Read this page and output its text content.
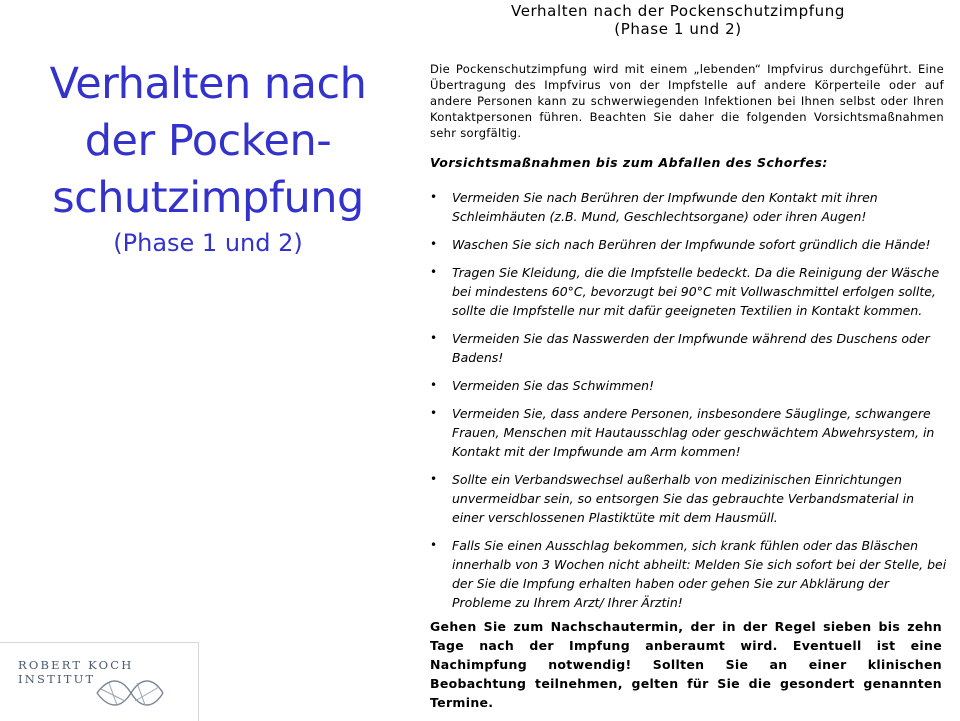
Verhalten nach der Pocken-schutzimpfung
(Phase 1 und 2)
Verhalten nach der Pockenschutzimpfung
(Phase 1 und 2)
Die Pockenschutzimpfung wird mit einem „lebenden“ Impfvirus durchgeführt. Eine Übertragung des Impfvirus von der Impfstelle auf andere Körperteile oder auf andere Personen kann zu schwerwiegenden Infektionen bei Ihnen selbst oder Ihren Kontaktpersonen führen. Beachten Sie daher die folgenden Vorsichtsmaßnahmen sehr sorgfältig.
Vorsichtsmaßnahmen bis zum Abfallen des Schorfes:
• Vermeiden Sie nach Berühren der Impfwunde den Kontakt mit ihren Schleimhäuten (z.B. Mund, Geschlechtsorgane) oder ihren Augen!
• Waschen Sie sich nach Berühren der Impfwunde sofort gründlich die Hände!
• Tragen Sie Kleidung, die die Impfstelle bedeckt. Da die Reinigung der Wäsche bei mindestens 60°C, bevorzugt bei 90°C mit Vollwaschmittel erfolgen sollte, sollte die Impfstelle nur mit dafür geeigneten Textilien in Kontakt kommen.
• Vermeiden Sie das Nasswerden der Impfwunde während des Duschens oder Badens!
• Vermeiden Sie das Schwimmen!
• Vermeiden Sie, dass andere Personen, insbesondere Säuglinge, schwangere Frauen, Menschen mit Hautausschlag oder geschwächtem Abwehrsystem, in Kontakt mit der Impfwunde am Arm kommen!
• Sollte ein Verbandswechsel außerhalb von medizinischen Einrichtungen unvermeidbar sein, so entsorgen Sie das gebrauchte Verbandsmaterial in einer verschlossenen Plastiktüte mit dem Hausmüll.
• Falls Sie einen Ausschlag bekommen, sich krank fühlen oder das Bläschen innerhalb von 3 Wochen nicht abheilt: Melden Sie sich sofort bei der Stelle, bei der Sie die Impfung erhalten haben oder gehen Sie zur Abklärung der Probleme zu Ihrem Arzt/ Ihrer Ärztin!
Gehen Sie zum Nachschautermin, der in der Regel sieben bis zehn Tage nach der Impfung anberaumt wird. Eventuell ist eine Nachimpfung notwendig! Sollten Sie an einer klinischen Beobachtung teilnehmen, gelten für Sie die gesondert genannten Termine.
ROBERT KOCH INSTITUT
